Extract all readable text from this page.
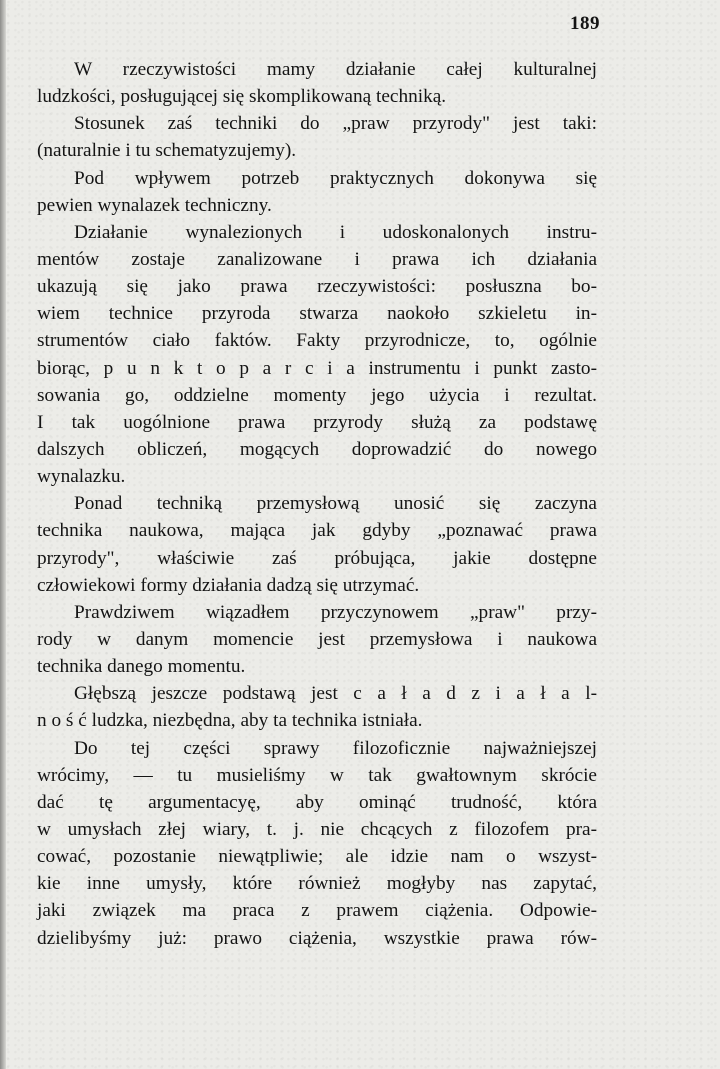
189
W rzeczywistości mamy działanie całej kulturalnej
ludzkości, posługującej się skomplikowaną techniką.
Stosunek zaś techniki do „praw przyrody" jest taki:
(naturalnie i tu schematyzujemy).
Pod wpływem potrzeb praktycznych dokonywa się
pewien wynalazek techniczny.
Działanie wynalezionych i udoskonalonych instru-
mentów zostaje zanalizowane i prawa ich działania
ukazują się jako prawa rzeczywistości: posłuszna bo-
wiem technice przyroda stwarza naokoło szkieletu in-
strumentów ciało faktów. Fakty przyrodnicze, to, ogólnie
biorąc, p u n k t o p a r c i a instrumentu i punkt zasto-
sowania go, oddzielne momenty jego użycia i rezultat.
I tak uogólnione prawa przyrody służą za podstawę
dalszych obliczeń, mogących doprowadzić do nowego
wynalazku.
Ponad techniką przemysłową unosić się zaczyna
technika naukowa, mająca jak gdyby „poznawać prawa
przyrody", właściwie zaś próbująca, jakie dostępne
człowiekowi formy działania dadzą się utrzymać.
Prawdziwem wiązadłem przyczynowem „praw" przy-
rody w danym momencie jest przemysłowa i naukowa
technika danego momentu.
Głębszą jeszcze podstawą jest c a ł a d z i a ł a l-
n o ś ć ludzka, niezbędna, aby ta technika istniała.
Do tej części sprawy filozoficznie najważniejszej
wrócimy, — tu musieliśmy w tak gwałtownym skrócie
dać tę argumentacyę, aby ominąć trudność, która
w umysłach złej wiary, t. j. nie chcących z filozofem pra-
cować, pozostanie niewątpliwie; ale idzie nam o wszyst-
kie inne umysły, które również mogłyby nas zapytać,
jaki związek ma praca z prawem ciążenia. Odpowie-
dzielibyśmy już: prawo ciążenia, wszystkie prawa rów-
